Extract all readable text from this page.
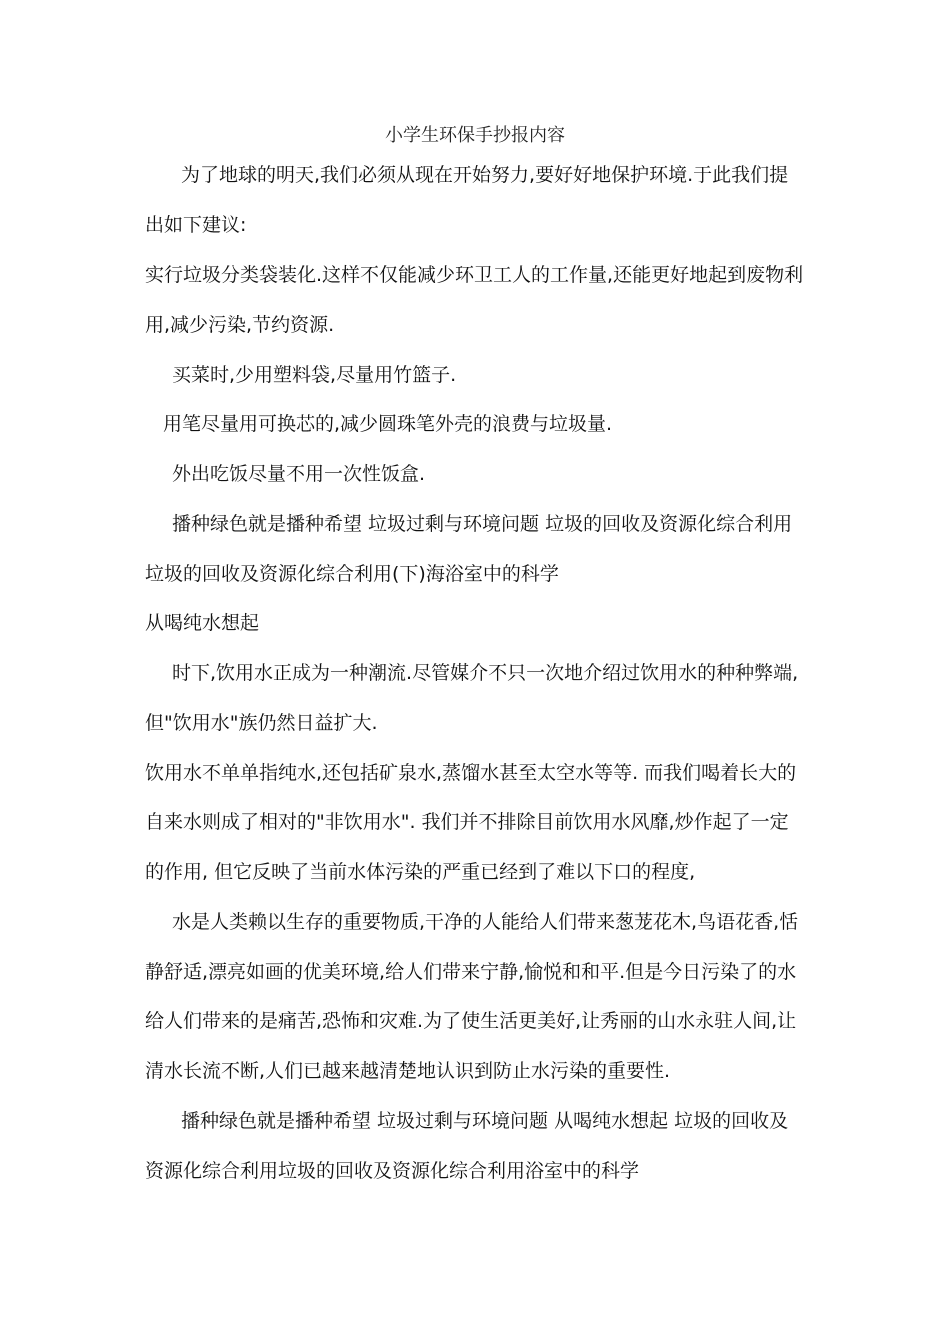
小学生环保手抄报内容
为了地球的明天,我们必须从现在开始努力,要好好地保护环境.于此我们提
出如下建议:
实行垃圾分类袋装化.这样不仅能减少环卫工人的工作量,还能更好地起到废物利
用,减少污染,节约资源.
买菜时,少用塑料袋,尽量用竹篮子.
用笔尽量用可换芯的,减少圆珠笔外壳的浪费与垃圾量.
外出吃饭尽量不用一次性饭盒.
播种绿色就是播种希望 垃圾过剩与环境问题 垃圾的回收及资源化综合利用
垃圾的回收及资源化综合利用(下)海浴室中的科学
从喝纯水想起
时下,饮用水正成为一种潮流.尽管媒介不只一次地介绍过饮用水的种种弊端,
但"饮用水"族仍然日益扩大.
饮用水不单单指纯水,还包括矿泉水,蒸馏水甚至太空水等等. 而我们喝着长大的
自来水则成了相对的"非饮用水". 我们并不排除目前饮用水风靡,炒作起了一定
的作用, 但它反映了当前水体污染的严重已经到了难以下口的程度,
水是人类赖以生存的重要物质,干净的人能给人们带来葱茏花木,鸟语花香,恬
静舒适,漂亮如画的优美环境,给人们带来宁静,愉悦和和平.但是今日污染了的水
给人们带来的是痛苦,恐怖和灾难.为了使生活更美好,让秀丽的山水永驻人间,让
清水长流不断,人们已越来越清楚地认识到防止水污染的重要性.
播种绿色就是播种希望 垃圾过剩与环境问题 从喝纯水想起 垃圾的回收及
资源化综合利用垃圾的回收及资源化综合利用浴室中的科学
